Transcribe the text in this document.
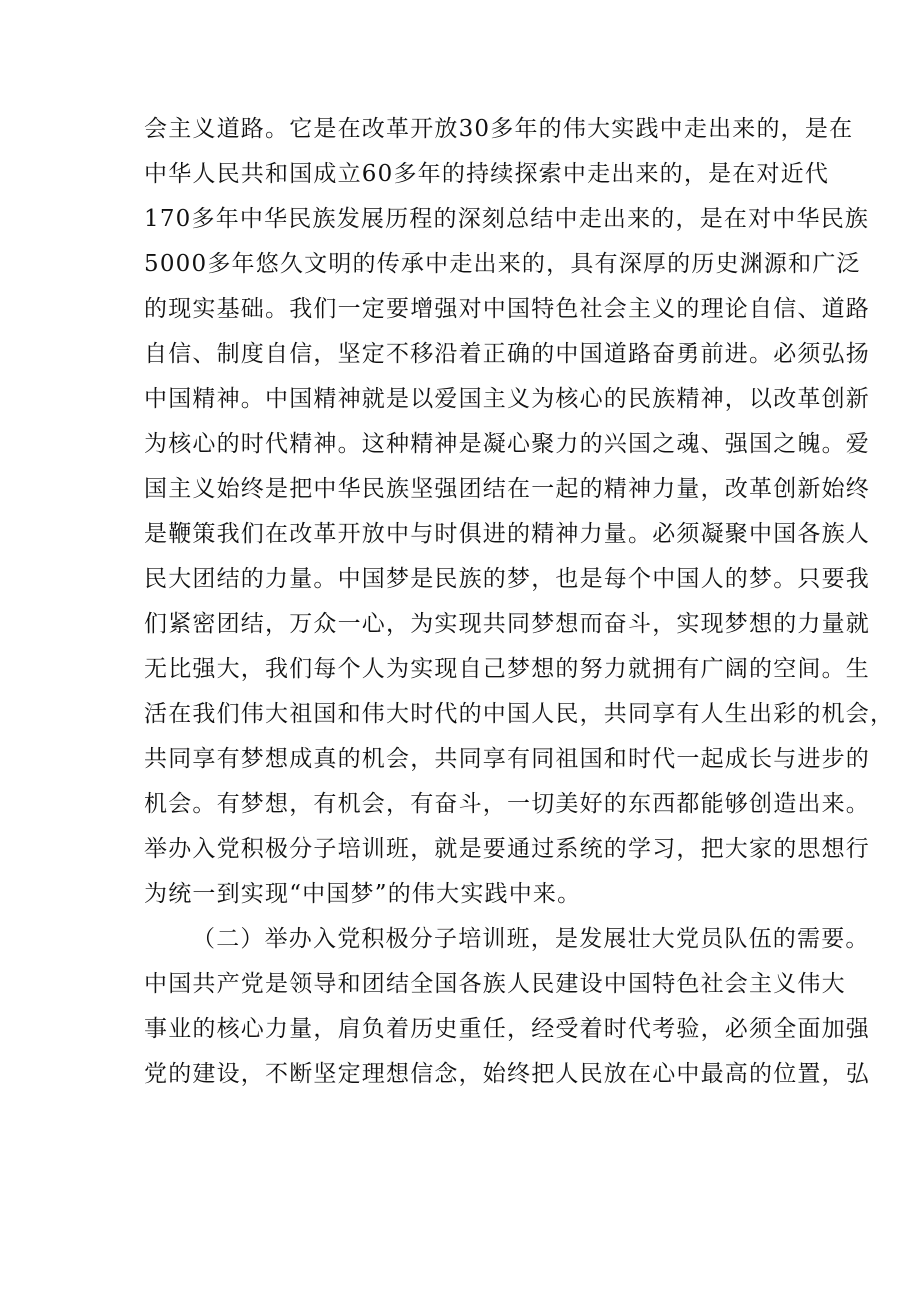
会主义道路。它是在改革开放30多年的伟大实践中走出来的，是在
中华人民共和国成立60多年的持续探索中走出来的，是在对近代
170多年中华民族发展历程的深刻总结中走出来的，是在对中华民族
5000多年悠久文明的传承中走出来的，具有深厚的历史渊源和广泛
的现实基础。我们一定要增强对中国特色社会主义的理论自信、道路
自信、制度自信，坚定不移沿着正确的中国道路奋勇前进。必须弘扬
中国精神。中国精神就是以爱国主义为核心的民族精神，以改革创新
为核心的时代精神。这种精神是凝心聚力的兴国之魂、强国之魄。爱
国主义始终是把中华民族坚强团结在一起的精神力量，改革创新始终
是鞭策我们在改革开放中与时俱进的精神力量。必须凝聚中国各族人
民大团结的力量。中国梦是民族的梦，也是每个中国人的梦。只要我
们紧密团结，万众一心，为实现共同梦想而奋斗，实现梦想的力量就
无比强大，我们每个人为实现自己梦想的努力就拥有广阔的空间。生
活在我们伟大祖国和伟大时代的中国人民，共同享有人生出彩的机会，
共同享有梦想成真的机会，共同享有同祖国和时代一起成长与进步的
机会。有梦想，有机会，有奋斗，一切美好的东西都能够创造出来。
举办入党积极分子培训班，就是要通过系统的学习，把大家的思想行
为统一到实现“中国梦”的伟大实践中来。
（二）举办入党积极分子培训班，是发展壮大党员队伍的需要。
中国共产党是领导和团结全国各族人民建设中国特色社会主义伟大
事业的核心力量，肩负着历史重任，经受着时代考验，必须全面加强
党的建设，不断坚定理想信念，始终把人民放在心中最高的位置，弘
